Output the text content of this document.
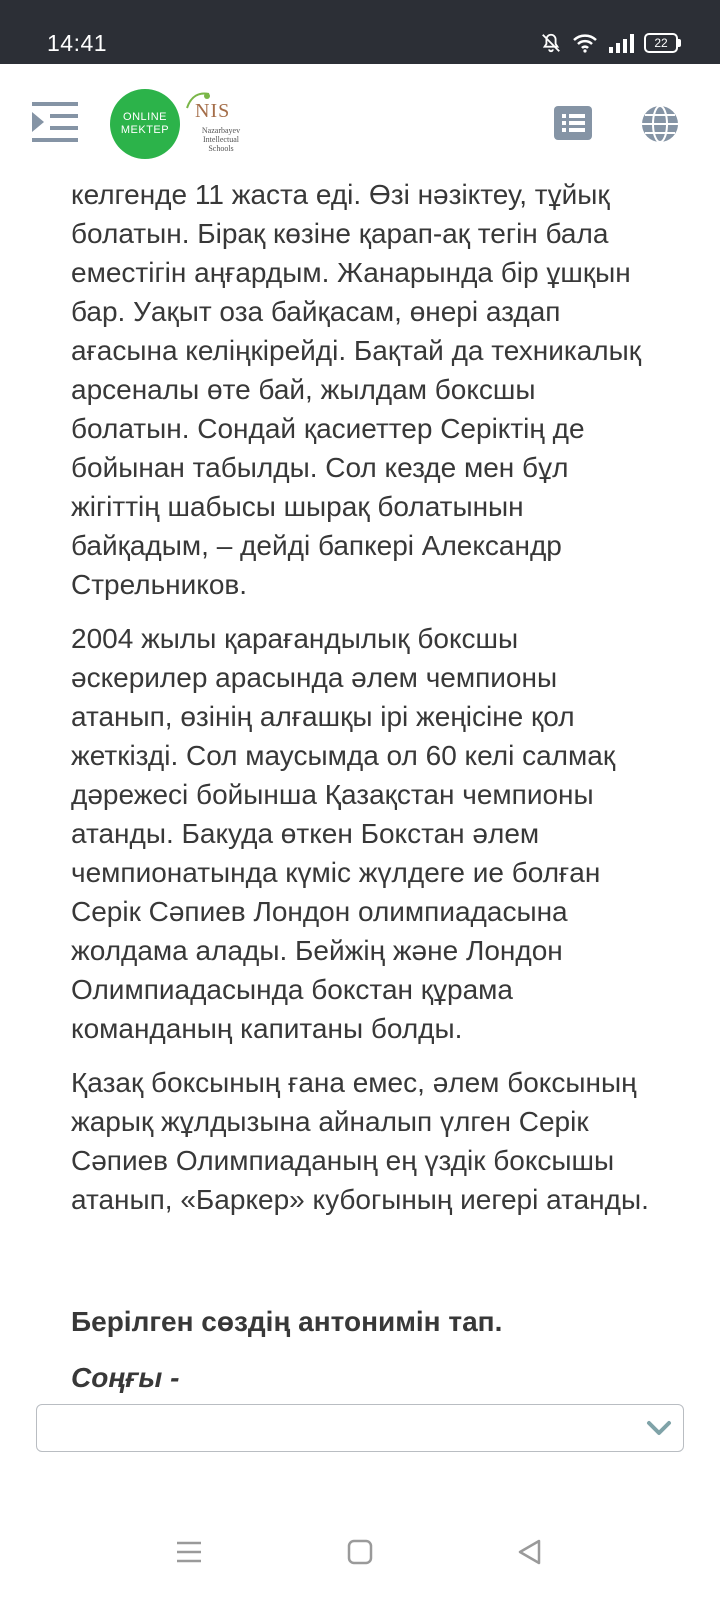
14:41	22
ONLINE
MEKTEP
NIS
Nazarbayev Intellectual Schools

келгенде 11 жаста еді. Өзі нәзіктеу, тұйық болатын. Бірақ көзіне қарап-ақ тегін бала еместігін аңғардым. Жанарында бір ұшқын бар. Уақыт оза байқасам, өнері аздап ағасына келіңкірейді. Бақтай да техникалық арсеналы өте бай, жылдам боксшы болатын. Сондай қасиеттер Серіктің де бойынан табылды. Сол кезде мен бұл жігіттің шабысы шырақ болатынын байқадым, – дейді бапкері Александр Стрельников.

2004 жылы қарағандылық боксшы әскерилер арасында әлем чемпионы атанып, өзінің алғашқы ірі жеңісіне қол жеткізді. Сол маусымда ол 60 келі салмақ дәрежесі бойынша Қазақстан чемпионы атанды. Бакуда өткен Бокстан әлем чемпионатында күміс жүлдеге ие болған Серік Сәпиев Лондон олимпиадасына жолдама алады. Бейжің және Лондон Олимпиадасында бокстан құрама команданың капитаны болды.

Қазақ боксының ғана емес, әлем боксының жарық жұлдызына айналып үлген Серік Сәпиев Олимпиаданың ең үздік боксышы атанып, «Баркер» кубогының иегері атанды.

Берілген сөздің антонимін тап.
Соңғы -
